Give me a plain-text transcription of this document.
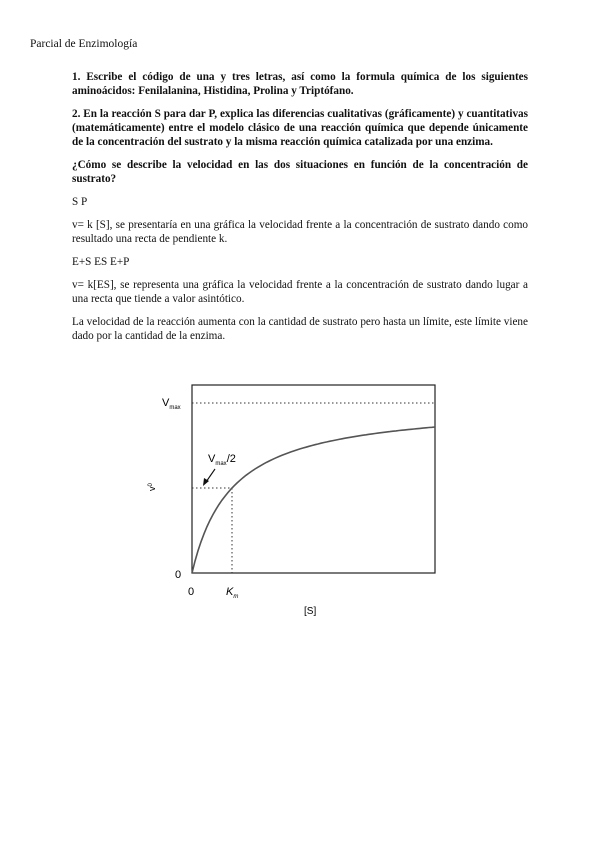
Parcial de Enzimología

1. Escribe el código de una y tres letras, así como la formula química de los siguientes aminoácidos: Fenilalanina, Histidina, Prolina y Triptófano.

2. En la reacción S para dar P, explica las diferencias cualitativas (gráficamente) y cuantitativas (matemáticamente) entre el modelo clásico de una reacción química que depende únicamente de la concentración del sustrato y la misma reacción química catalizada por una enzima.

¿Cómo se describe la velocidad en las dos situaciones en función de la concentración de sustrato?

S P

v= k [S], se presentaría en una gráfica la velocidad frente a la concentración de sustrato dando como resultado una recta de pendiente k.

E+S ES E+P

v= k[ES], se representa una gráfica la velocidad frente a la concentración de sustrato dando lugar a una recta que tiende a valor asintótico.

La velocidad de la reacción aumenta con la cantidad de sustrato pero hasta un límite, este límite viene dado por la cantidad de la enzima.

$V_{max}$
$V_{max}/2$
$v^0$
0
0	$K_m$
[S]
